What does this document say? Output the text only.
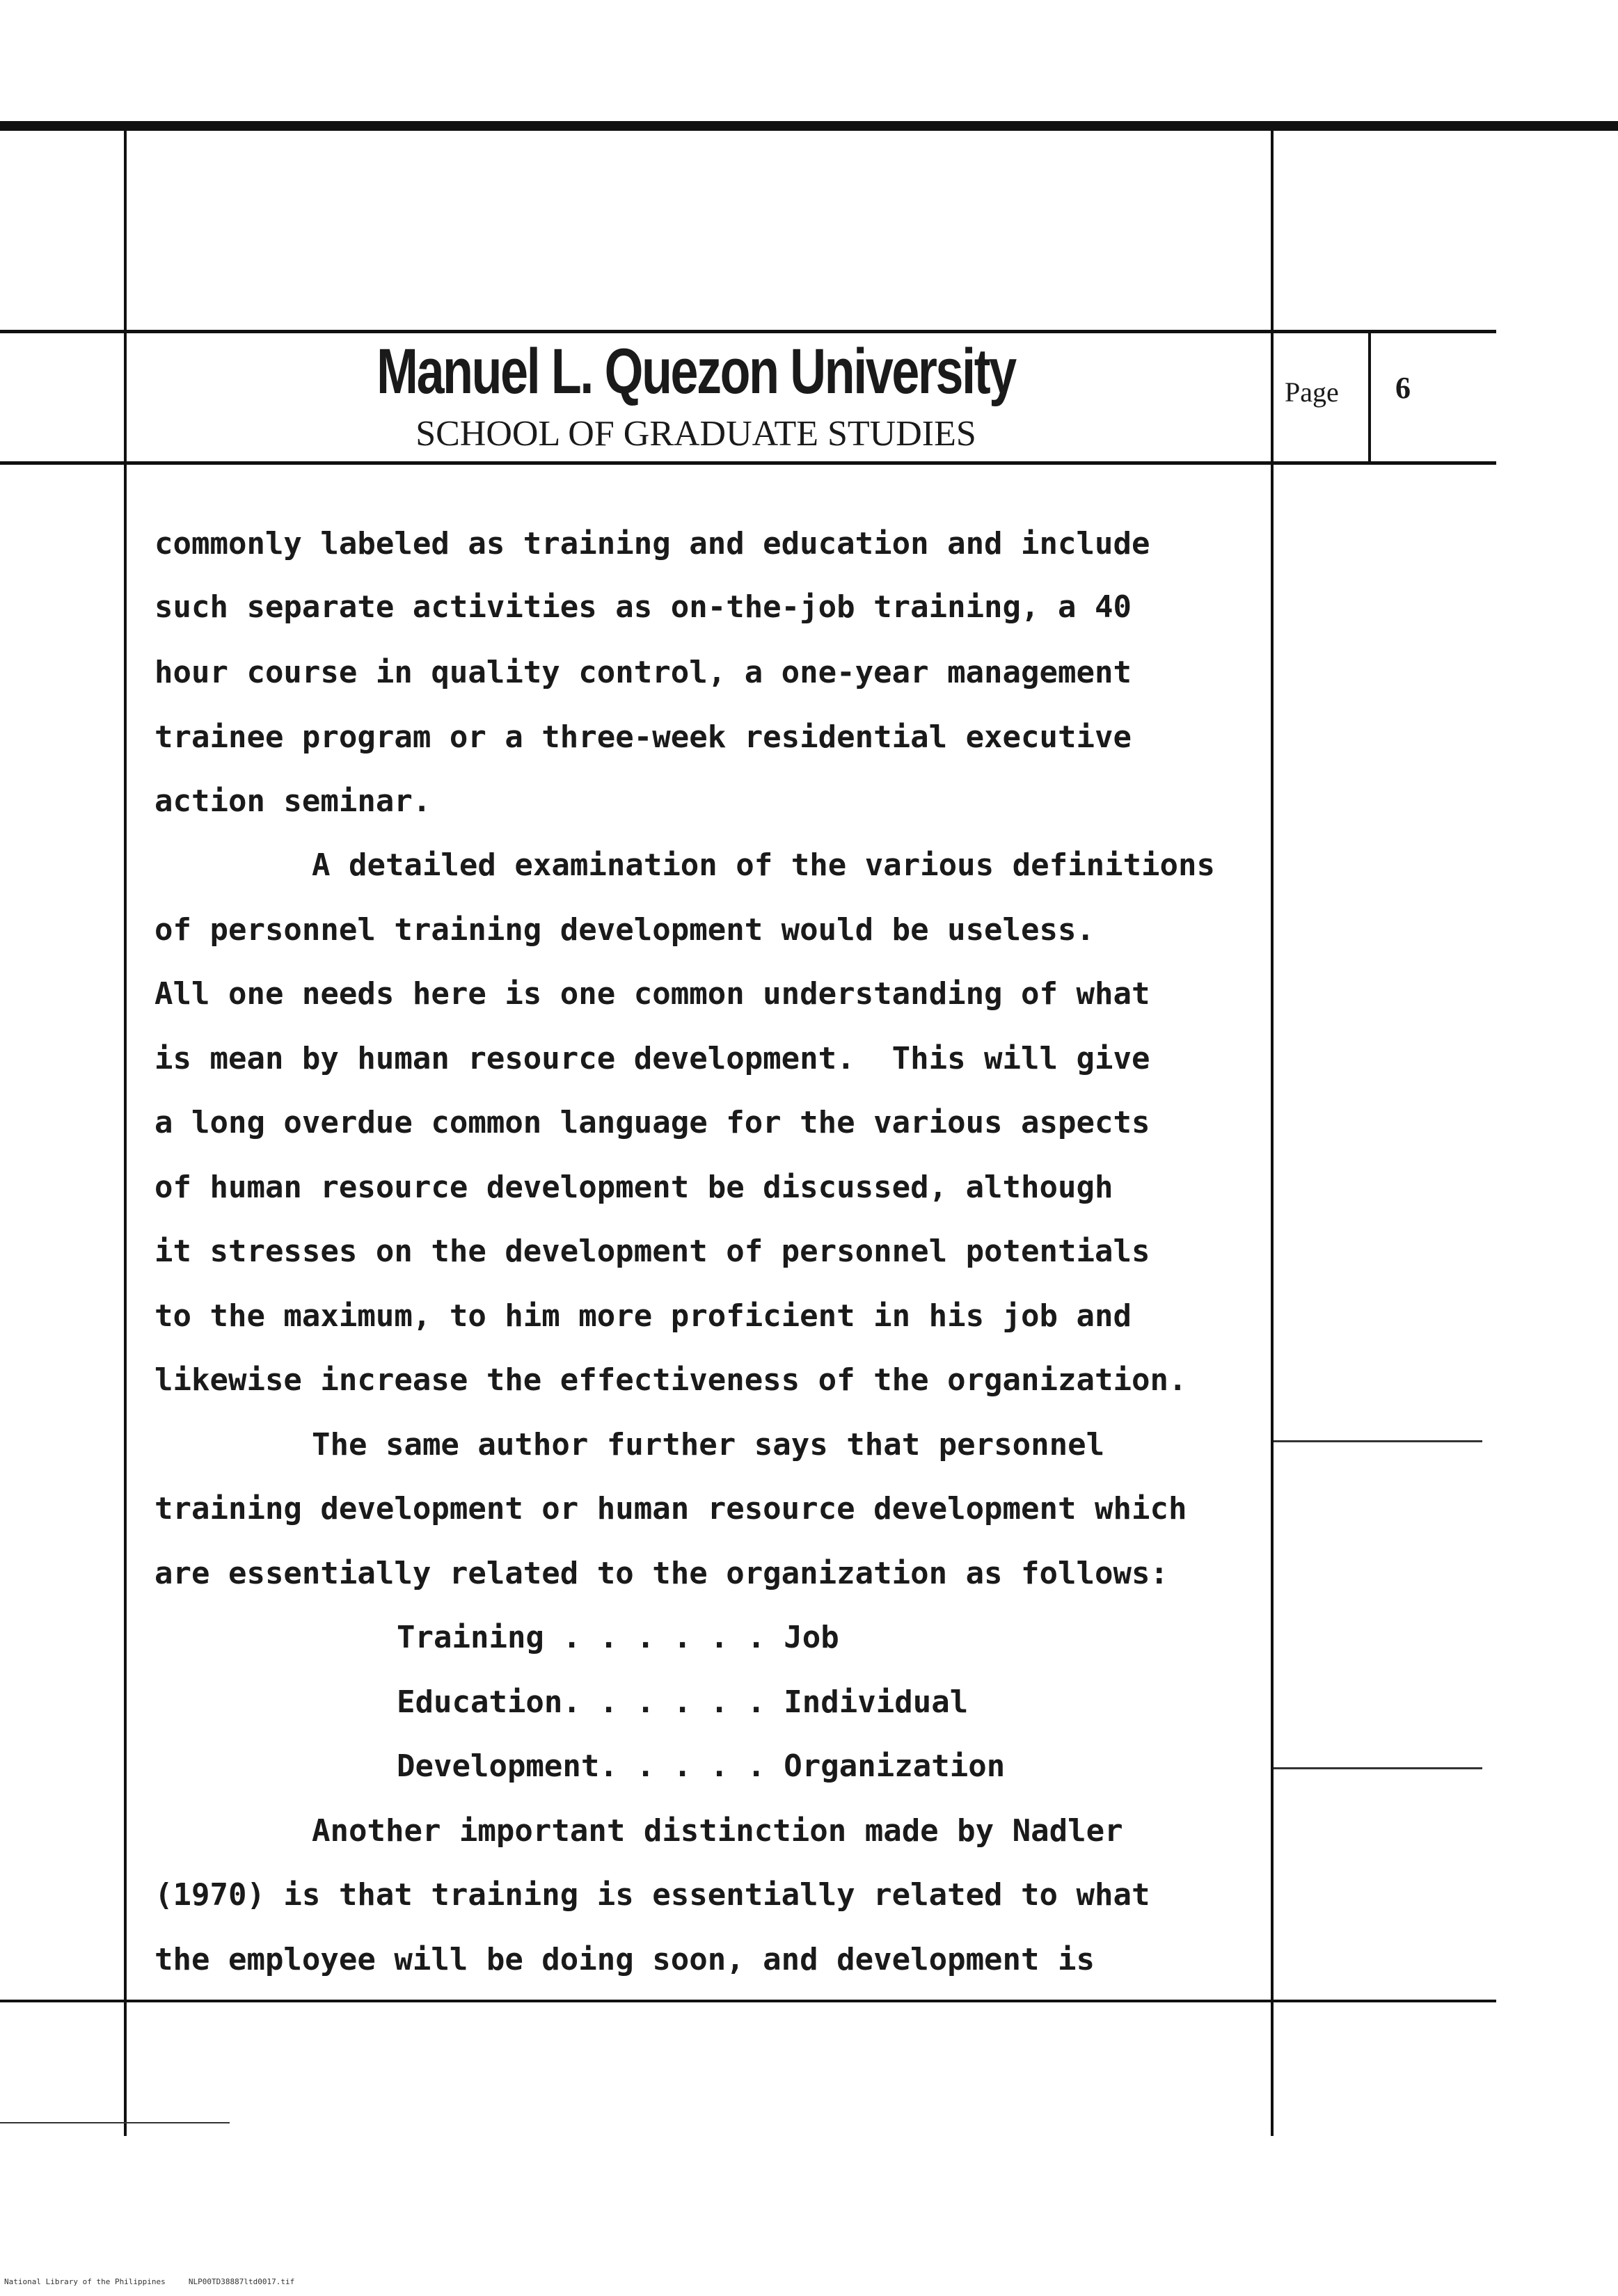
Manuel L. Quezon University
SCHOOL OF GRADUATE STUDIES
Page 6
commonly labeled as training and education and include
such separate activities as on-the-job training, a 40
hour course in quality control, a one-year management
trainee program or a three-week residential executive
action seminar.
A detailed examination of the various definitions
of personnel training development would be useless.
All one needs here is one common understanding of what
is mean by human resource development.  This will give
a long overdue common language for the various aspects
of human resource development be discussed, although
it stresses on the development of personnel potentials
to the maximum, to him more proficient in his job and
likewise increase the effectiveness of the organization.
The same author further says that personnel
training development or human resource development which
are essentially related to the organization as follows:
Training . . . . . . Job
Education. . . . . . Individual
Development. . . . . Organization
Another important distinction made by Nadler
(1970) is that training is essentially related to what
the employee will be doing soon, and development is
National Library of the Philippines     NLP00TD38887ltd0017.tif
